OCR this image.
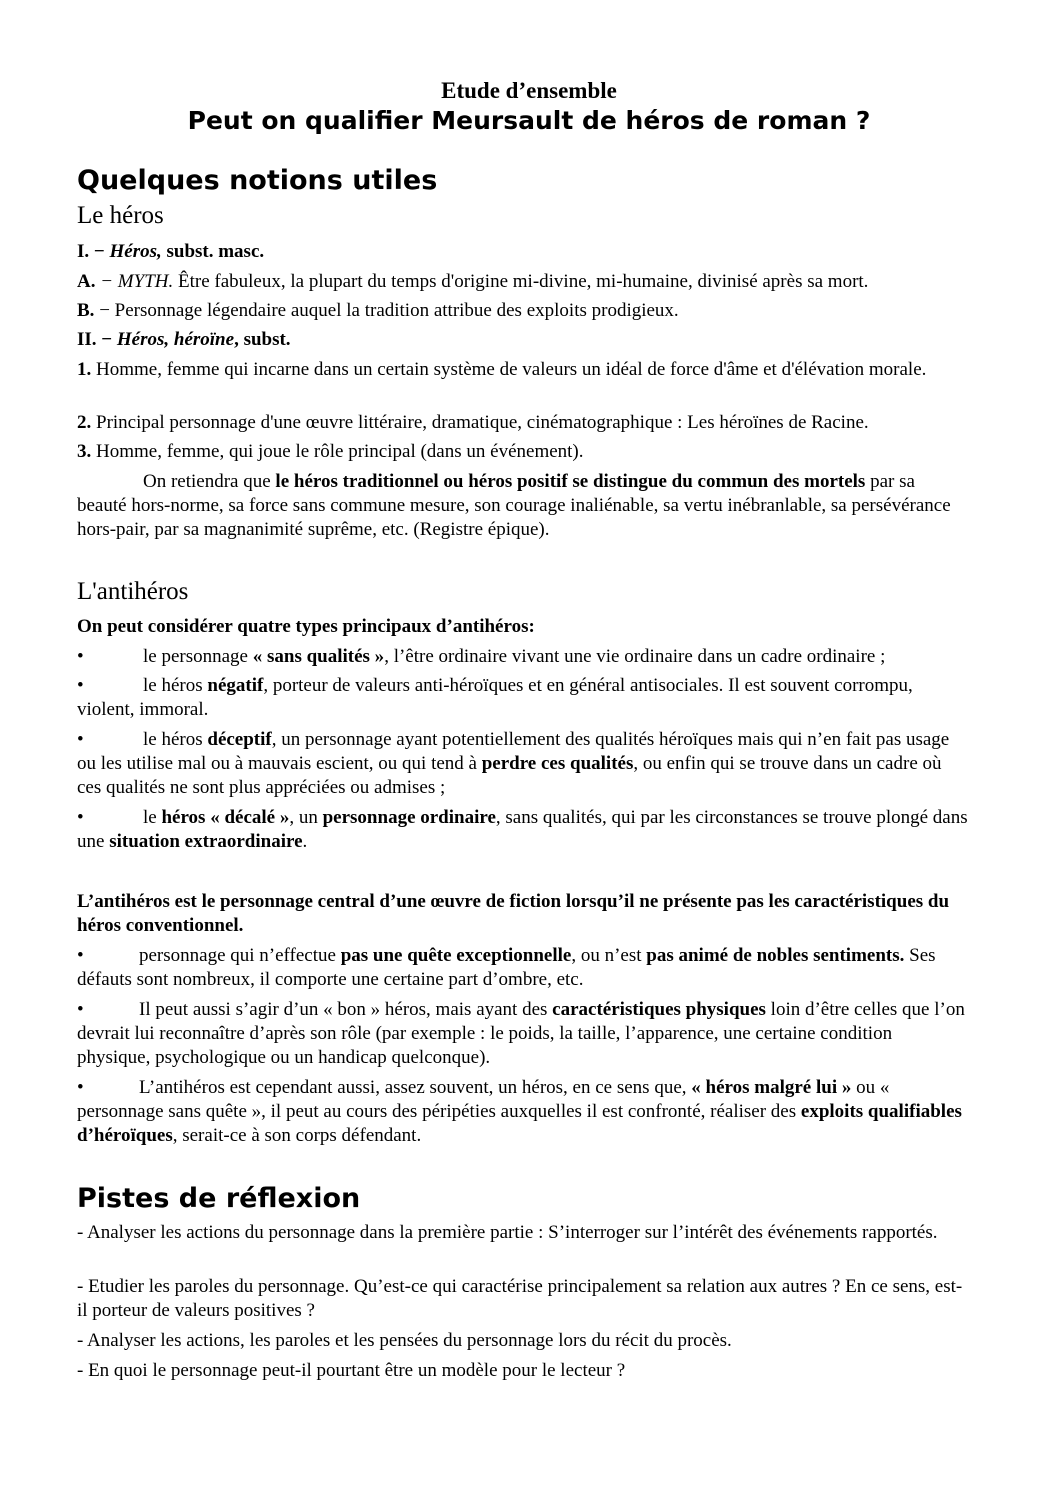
Etude d’ensemble
Peut on qualifier Meursault de héros de roman ?
Quelques notions utiles
Le héros
I. − Héros, subst. masc.
A. − MYTH. Être fabuleux, la plupart du temps d'origine mi-divine, mi-humaine, divinisé après sa mort.
B. − Personnage légendaire auquel la tradition attribue des exploits prodigieux.
II. − Héros, héroïne, subst.
1. Homme, femme qui incarne dans un certain système de valeurs un idéal de force d'âme et d'élévation morale.
2. Principal personnage d'une œuvre littéraire, dramatique, cinématographique : Les héroïnes de Racine.
3. Homme, femme, qui joue le rôle principal (dans un événement).
On retiendra que le héros traditionnel ou héros positif se distingue du commun des mortels par sa beauté hors-norme, sa force sans commune mesure, son courage inaliénable, sa vertu inébranlable, sa persévérance hors-pair, par sa magnanimité suprême, etc. (Registre épique).
L'antihéros
On peut considérer quatre types principaux d’antihéros:
•	le personnage « sans qualités », l’être ordinaire vivant une vie ordinaire dans un cadre ordinaire ;
•	le héros négatif, porteur de valeurs anti-héroïques et en général antisociales. Il est souvent corrompu, violent, immoral.
•	le héros déceptif, un personnage ayant potentiellement des qualités héroïques mais qui n’en fait pas usage ou les utilise mal ou à mauvais escient, ou qui tend à perdre ces qualités, ou enfin qui se trouve dans un cadre où ces qualités ne sont plus appréciées ou admises ;
•	le héros « décalé », un personnage ordinaire, sans qualités, qui par les circonstances se trouve plongé dans une situation extraordinaire.
L’antihéros est le personnage central d’une œuvre de fiction lorsqu’il ne présente pas les caractéristiques du héros conventionnel.
•	personnage qui n’effectue pas une quête exceptionnelle, ou n’est pas animé de nobles sentiments. Ses défauts sont nombreux, il comporte une certaine part d’ombre, etc.
•	Il peut aussi s’agir d’un « bon » héros, mais ayant des caractéristiques physiques loin d’être celles que l’on devrait lui reconnaître d’après son rôle (par exemple : le poids, la taille, l’apparence, une certaine condition physique, psychologique ou un handicap quelconque).
•	L’antihéros est cependant aussi, assez souvent, un héros, en ce sens que, « héros malgré lui » ou « personnage sans quête », il peut au cours des péripéties auxquelles il est confronté, réaliser des exploits qualifiables d’héroïques, serait-ce à son corps défendant.
Pistes de réflexion
- Analyser les actions du personnage dans la première partie : S’interroger sur l’intérêt des événements rapportés.
- Etudier les paroles du personnage. Qu’est-ce qui caractérise principalement sa relation aux autres ? En ce sens, est-il porteur de valeurs positives ?
- Analyser les actions, les paroles et les pensées du personnage lors du récit du procès.
- En quoi le personnage peut-il pourtant être un modèle pour le lecteur ?
